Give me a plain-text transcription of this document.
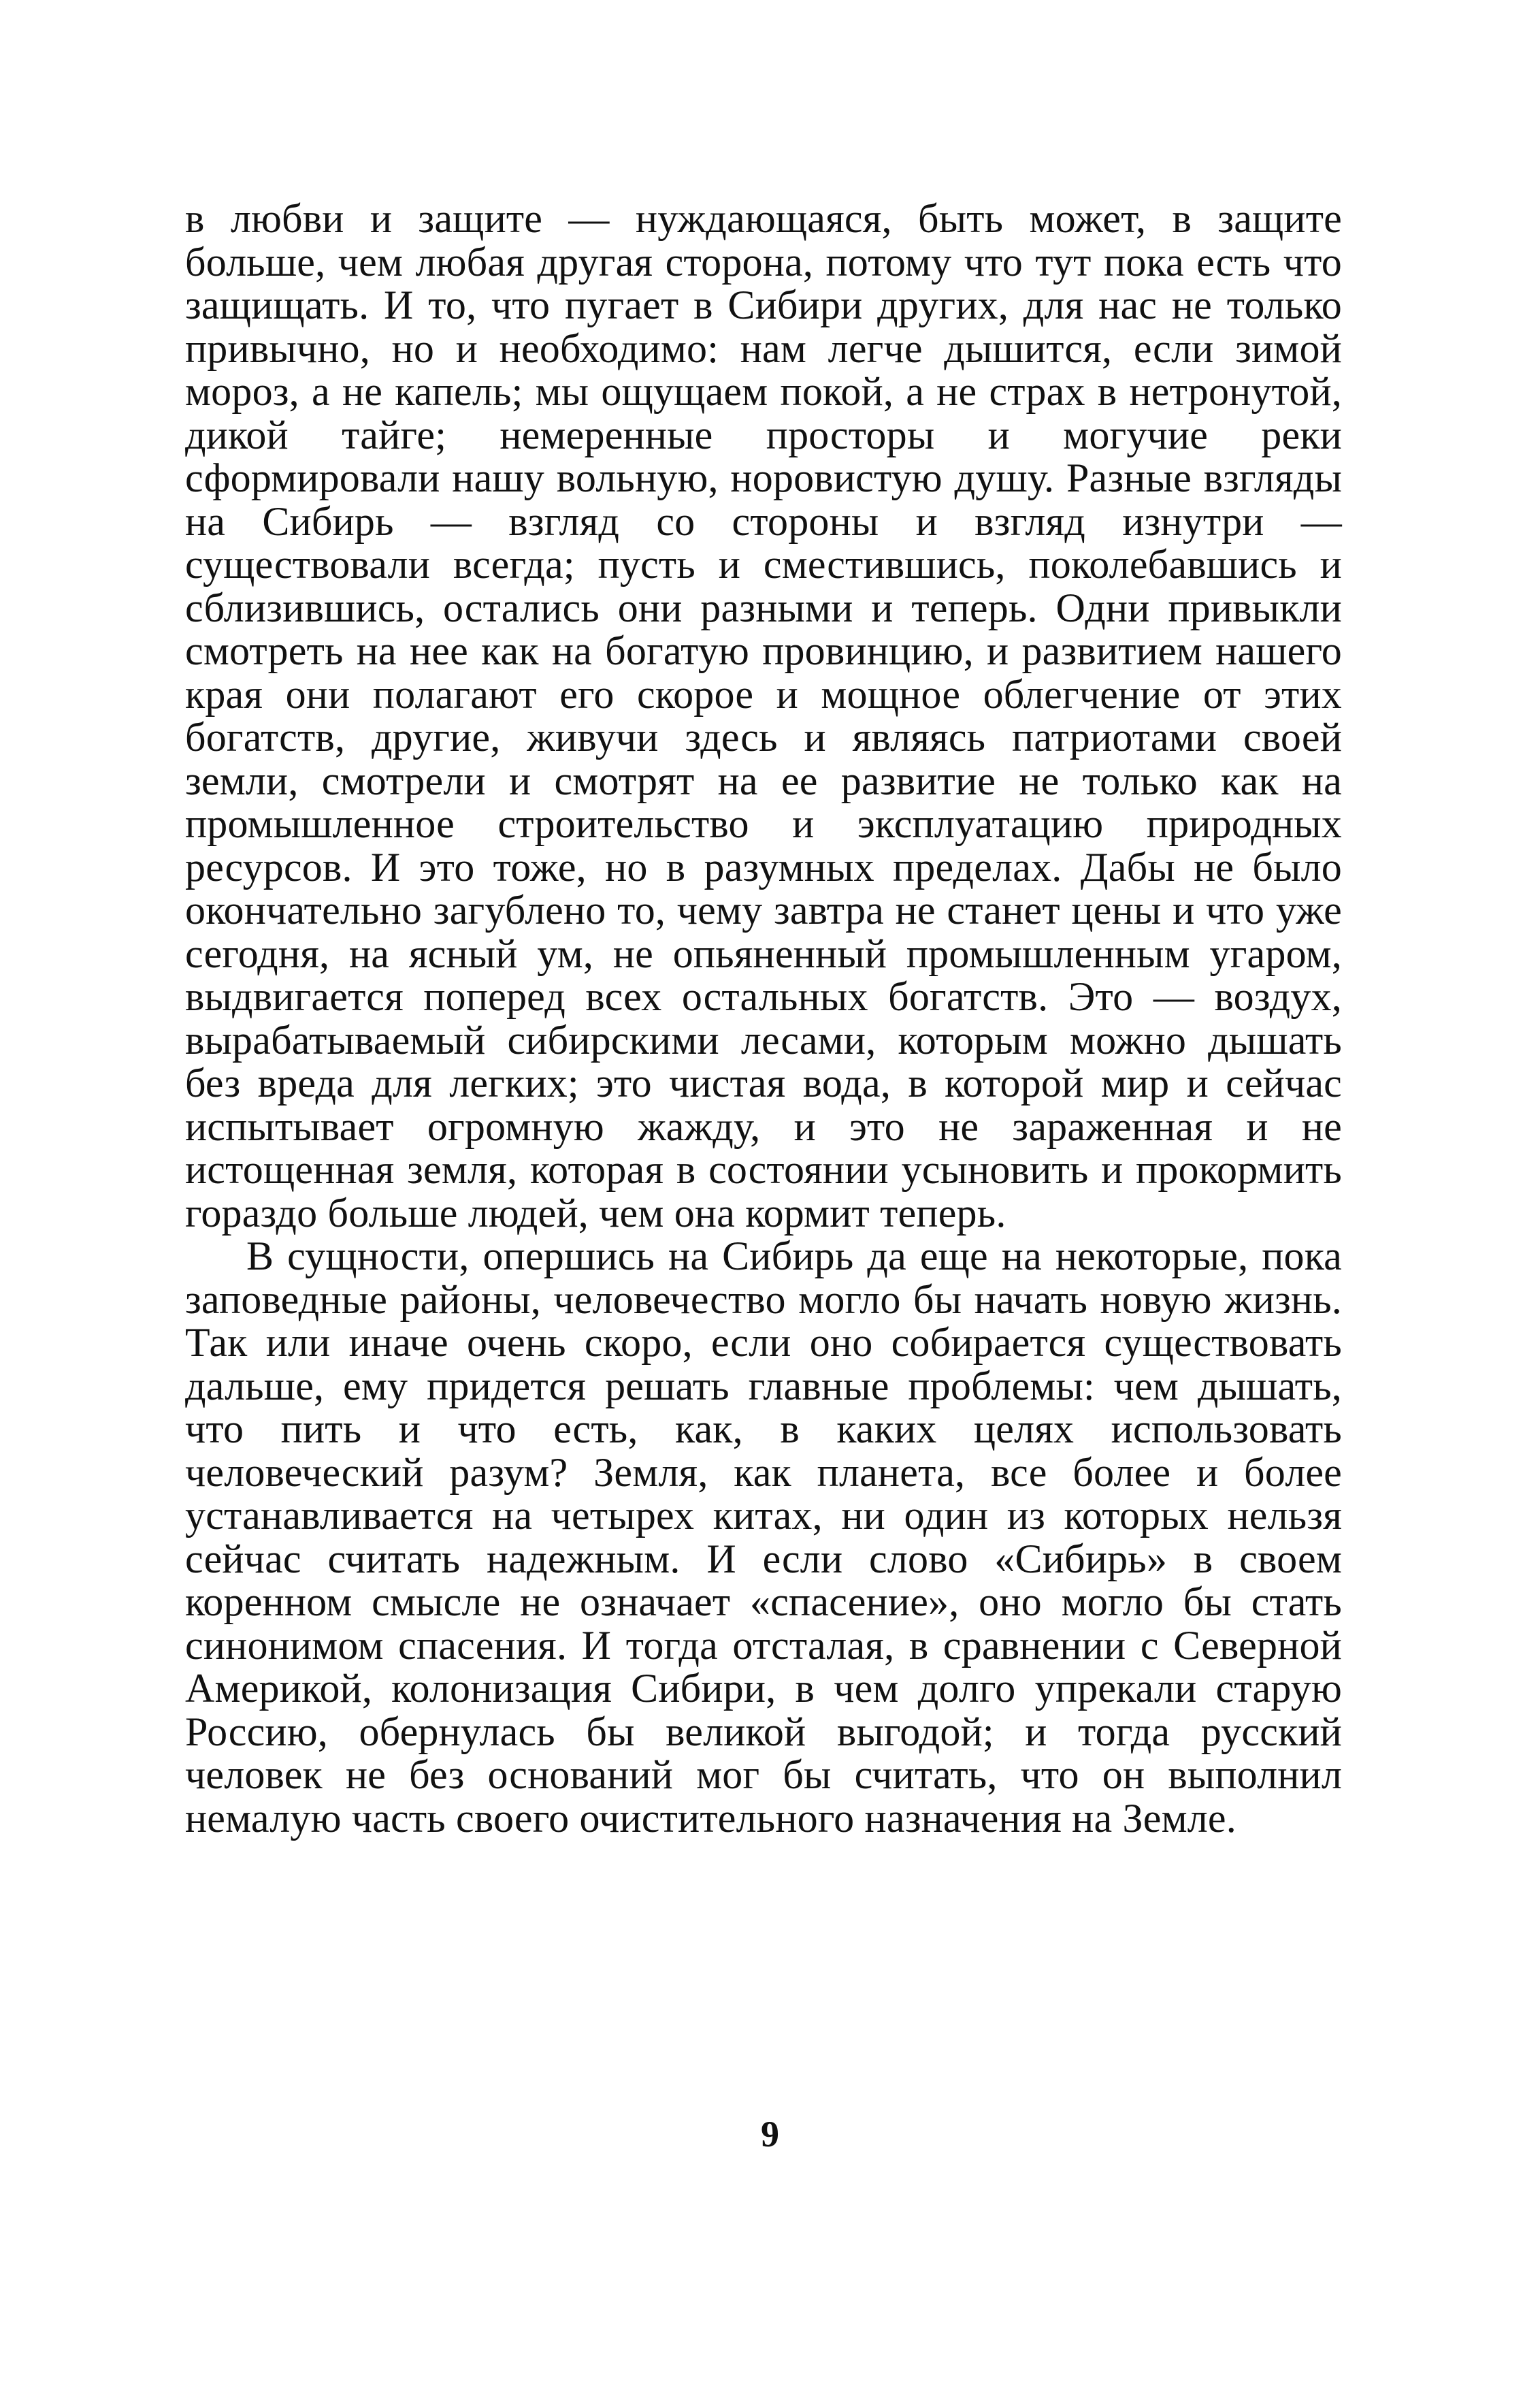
в любви и защите — нуждающаяся, быть может, в защите больше, чем любая другая сторона, потому что тут пока есть что защищать. И то, что пугает в Сибири других, для нас не только привычно, но и необходимо: нам легче дышится, если зимой мороз, а не капель; мы ощущаем покой, а не страх в нетронутой, дикой тайге; немеренные просторы и могучие реки сформировали нашу вольную, норовистую душу. Разные взгляды на Сибирь — взгляд со стороны и взгляд изнутри — существовали всегда; пусть и сместившись, поколебавшись и сблизившись, остались они разными и теперь. Одни привыкли смотреть на нее как на богатую провинцию, и развитием нашего края они полагают его скорое и мощное облегчение от этих богатств, другие, живучи здесь и являясь патриотами своей земли, смотрели и смотрят на ее развитие не только как на промышленное строительство и эксплуатацию природных ресурсов. И это тоже, но в разумных пределах. Дабы не было окончательно загублено то, чему завтра не станет цены и что уже сегодня, на ясный ум, не опьяненный промышленным угаром, выдвигается поперед всех остальных богатств. Это — воздух, вырабатываемый сибирскими лесами, которым можно дышать без вреда для легких; это чистая вода, в которой мир и сейчас испытывает огромную жажду, и это не зараженная и не истощенная земля, которая в состоянии усыновить и прокормить гораздо больше людей, чем она кормит теперь.

В сущности, опершись на Сибирь да еще на некоторые, пока заповедные районы, человечество могло бы начать новую жизнь. Так или иначе очень скоро, если оно собирается существовать дальше, ему придется решать главные проблемы: чем дышать, что пить и что есть, как, в каких целях использовать человеческий разум? Земля, как планета, все более и более устанавливается на четырех китах, ни один из которых нельзя сейчас считать надежным. И если слово «Сибирь» в своем коренном смысле не означает «спасение», оно могло бы стать синонимом спасения. И тогда отсталая, в сравнении с Северной Америкой, колонизация Сибири, в чем долго упрекали старую Россию, обернулась бы великой выгодой; и тогда русский человек не без оснований мог бы считать, что он выполнил немалую часть своего очистительного назначения на Земле.

9
